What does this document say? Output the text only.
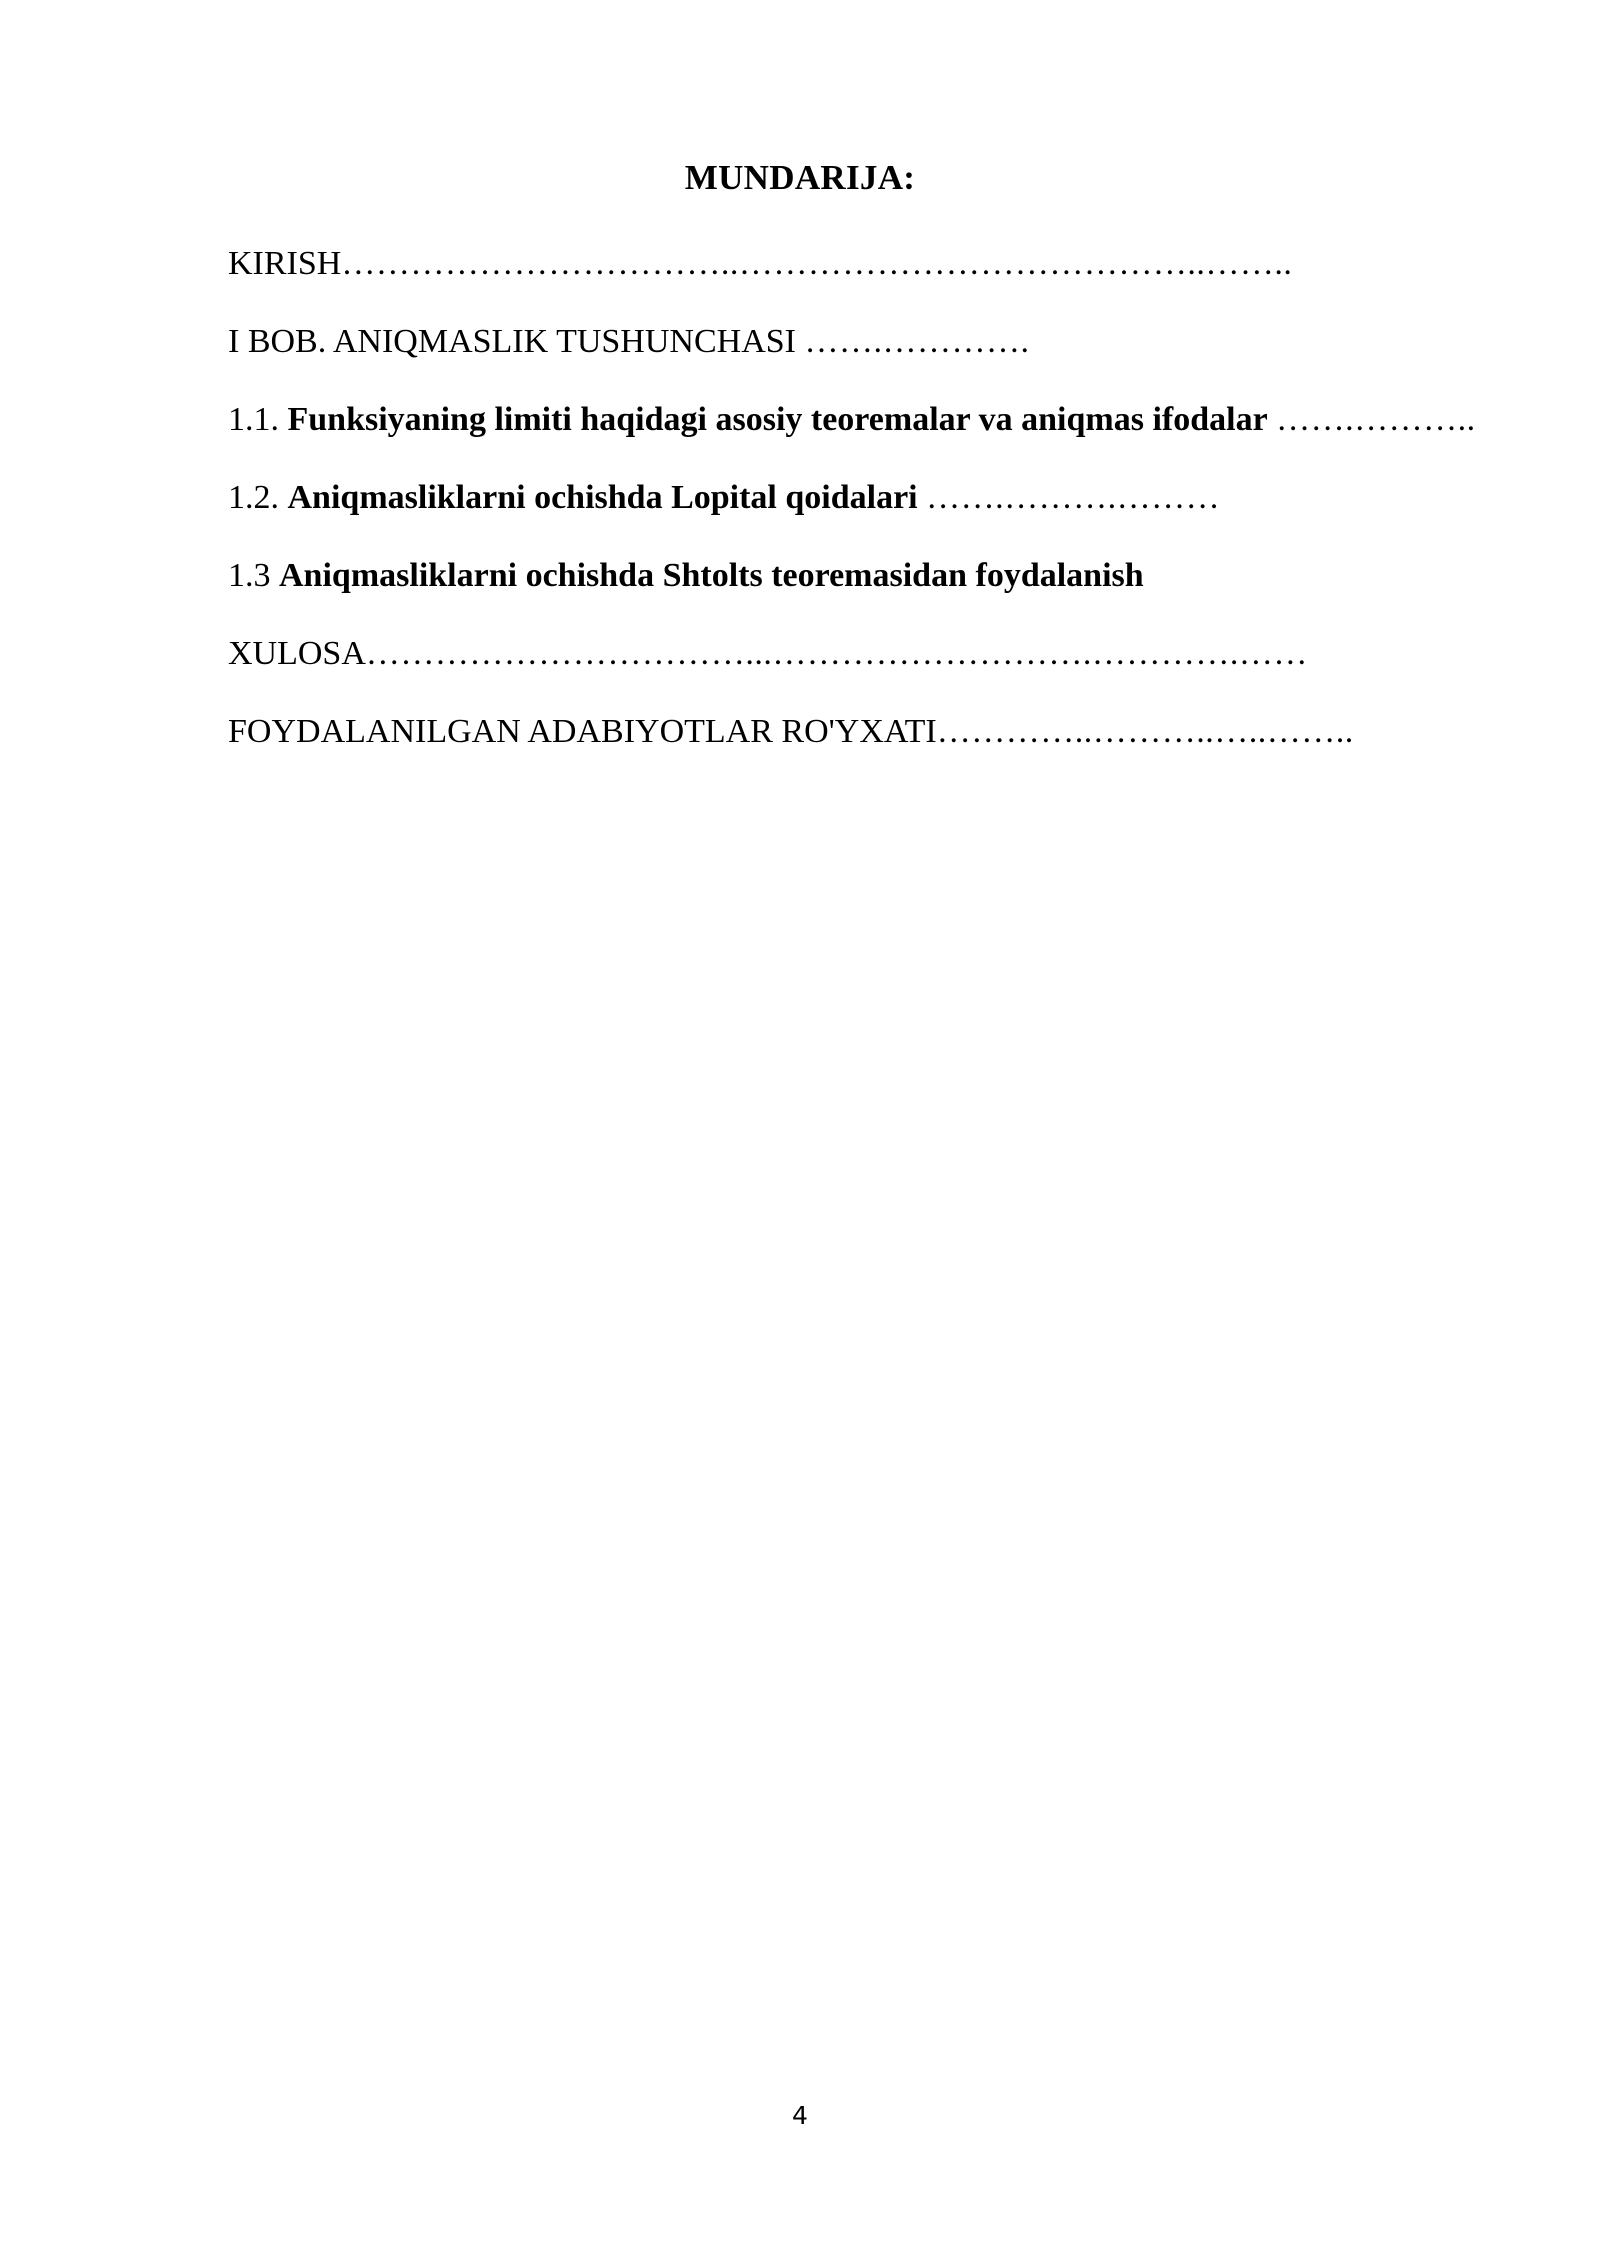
MUNDARIJA:
KIRISH……………………………..…………………………………..……..
I BOB. ANIQMASLIK TUSHUNCHASI …….………….
1.1. Funksiyaning limiti haqidagi asosiy teoremalar va aniqmas ifodalar …….………..
1.2. Aniqmasliklarni ochishda Lopital qoidalari …….……….………
1.3 Aniqmasliklarni ochishda Shtolts teoremasidan foydalanish
XULOSA……………………………...……………………….………….……
FOYDALANILGAN ADABIYOTLAR RO'YXATI…………..………..…..……..
4
